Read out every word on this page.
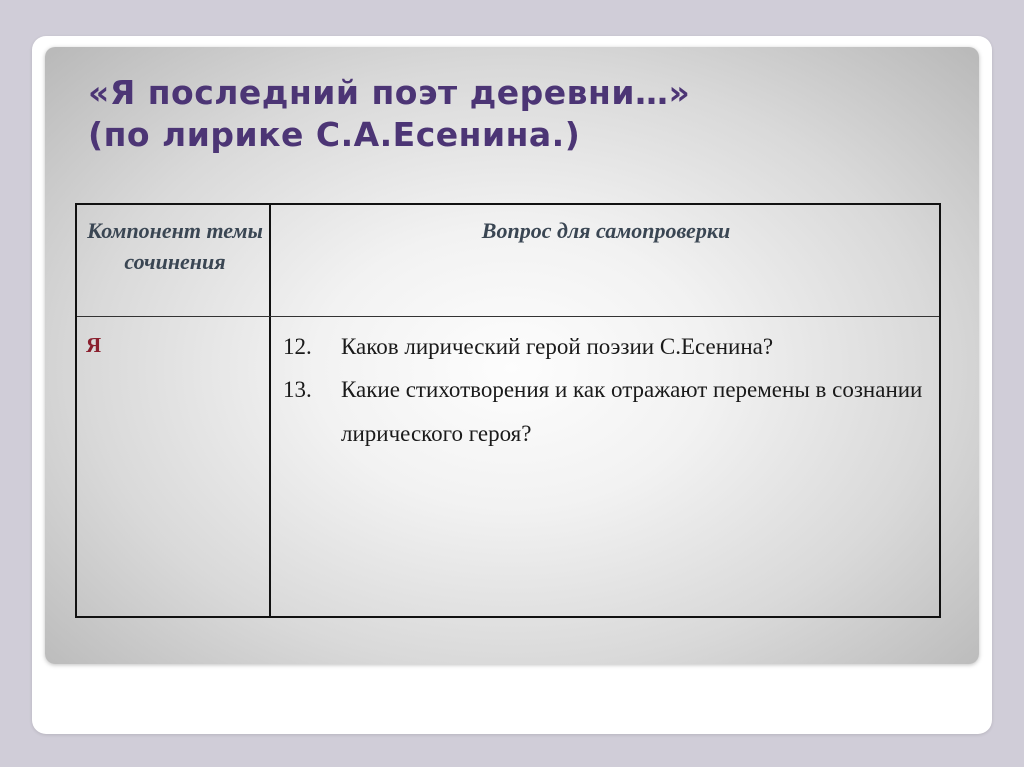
«Я последний поэт деревни…»
(по лирике С.А.Есенина.)
Компонент темы сочинения
Вопрос для самопроверки
Я	12. Каков лирический герой поэзии С.Есенина?
13. Какие стихотворения и как отражают перемены в сознании лирического героя?
